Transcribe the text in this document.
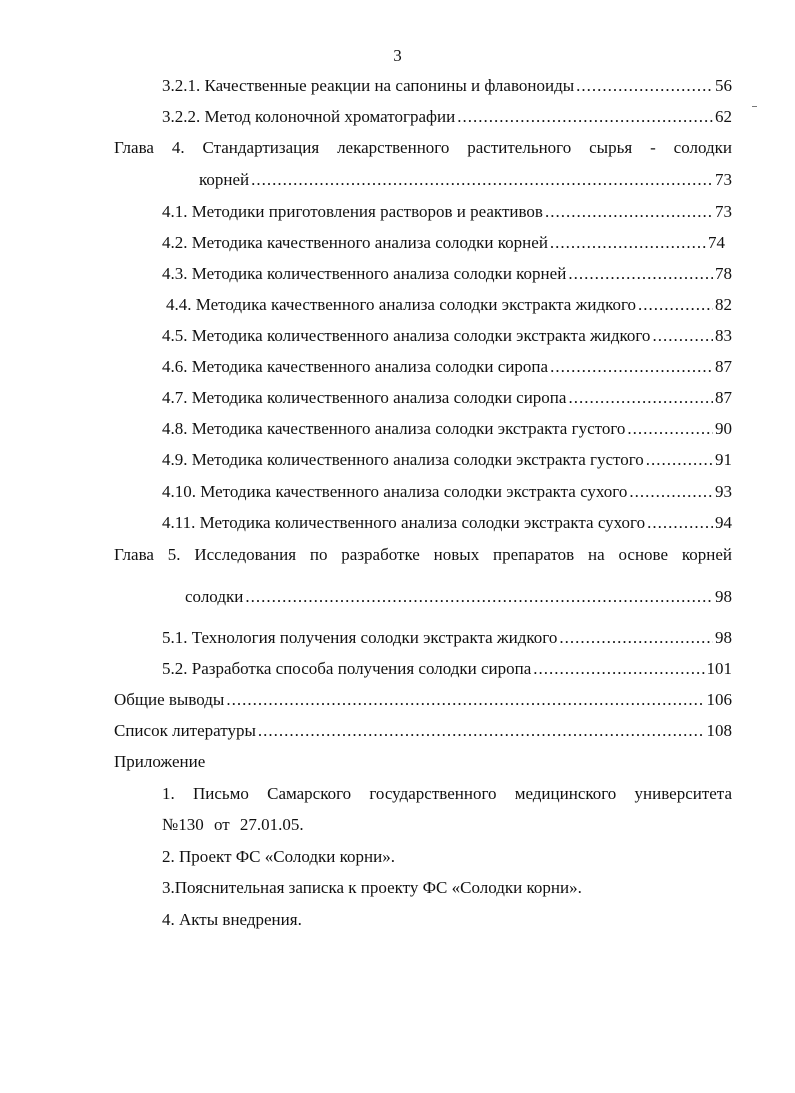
3
3.2.1. Качественные реакции на сапонины и флавоноиды .....	56
3.2.2. Метод колоночной хроматографии .....	62
Глава 4. Стандартизация лекарственного растительного сырья - солодки
корней .....	73
4.1. Методики приготовления растворов и реактивов .....	73
4.2. Методика качественного анализа солодки корней .....	74
4.3. Методика количественного анализа солодки корней .....	78
4.4. Методика качественного анализа солодки экстракта жидкого .....	82
4.5. Методика количественного анализа солодки экстракта жидкого .....	83
4.6. Методика качественного анализа солодки сиропа .....	87
4.7. Методика количественного анализа солодки сиропа .....	87
4.8. Методика качественного анализа солодки экстракта густого .....	90
4.9. Методика количественного анализа солодки экстракта густого .....	91
4.10. Методика качественного анализа солодки экстракта сухого .....	93
4.11. Методика количественного анализа солодки экстракта сухого .....	94
Глава 5. Исследования по разработке новых препаратов на основе корней
солодки .....	98
5.1. Технология получения солодки экстракта жидкого .....	98
5.2. Разработка способа получения солодки сиропа .....	101
Общие выводы .....	106
Список литературы .....	108
Приложение
1. Письмо Самарского государственного медицинского университета
№130 от 27.01.05.
2. Проект ФС «Солодки корни».
3.Пояснительная записка к проекту ФС «Солодки корни».
4. Акты внедрения.
